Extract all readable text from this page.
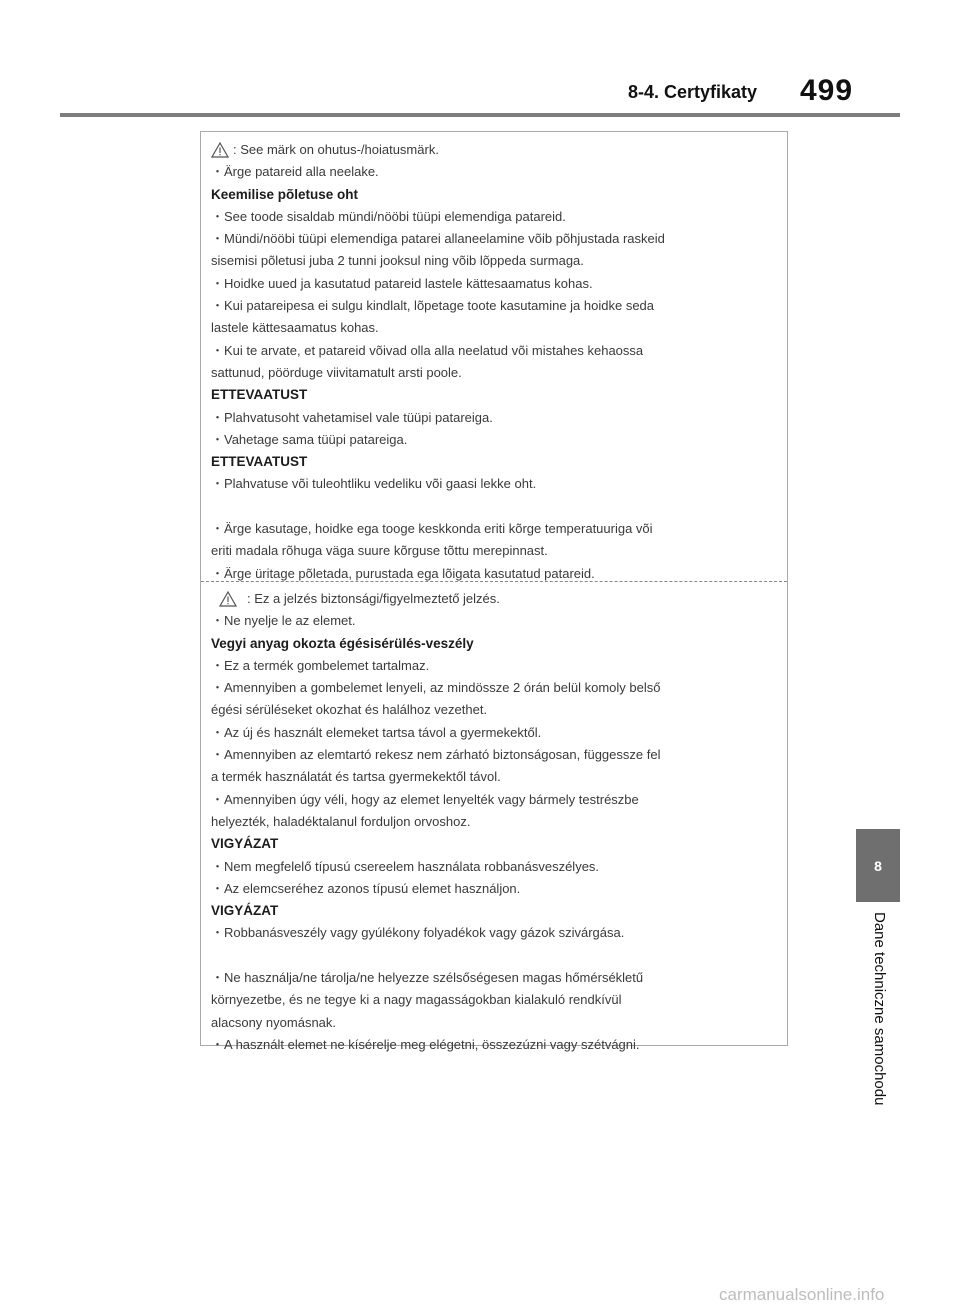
8-4. Certyfikaty 499
: See märk on ohutus-/hoiatusmärk.
・Ärge patareid alla neelake.
Keemilise põletuse oht
・See toode sisaldab mündi/nööbi tüüpi elemendiga patareid.
・Mündi/nööbi tüüpi elemendiga patarei allaneelamine võib põhjustada raskeid
sisemisi põletusi juba 2 tunni jooksul ning võib lõppeda surmaga.
・Hoidke uued ja kasutatud patareid lastele kättesaamatus kohas.
・Kui patareipesa ei sulgu kindlalt, lõpetage toote kasutamine ja hoidke seda
lastele kättesaamatus kohas.
・Kui te arvate, et patareid võivad olla alla neelatud või mistahes kehaossa
sattunud, pöörduge viivitamatult arsti poole.
ETTEVAATUST
・Plahvatusoht vahetamisel vale tüüpi patareiga.
・Vahetage sama tüüpi patareiga.
ETTEVAATUST
・Plahvatuse või tuleohtliku vedeliku või gaasi lekke oht.
・Ärge kasutage, hoidke ega tooge keskkonda eriti kõrge temperatuuriga või
eriti madala rõhuga väga suure kõrguse tõttu merepinnast.
・Ärge üritage põletada, purustada ega lõigata kasutatud patareid.
: Ez a jelzés biztonsági/figyelmeztető jelzés.
・Ne nyelje le az elemet.
Vegyi anyag okozta égésisérülés-veszély
・Ez a termék gombelemet tartalmaz.
・Amennyiben a gombelemet lenyeli, az mindössze 2 órán belül komoly belső
égési sérüléseket okozhat és halálhoz vezethet.
・Az új és használt elemeket tartsa távol a gyermekektől.
・Amennyiben az elemtartó rekesz nem zárható biztonságosan, függessze fel
a termék használatát és tartsa gyermekektől távol.
・Amennyiben úgy véli, hogy az elemet lenyelték vagy bármely testrészbe
helyezték, haladéktalanul forduljon orvoshoz.
VIGYÁZAT
・Nem megfelelő típusú csereelem használata robbanásveszélyes.
・Az elemcseréhez azonos típusú elemet használjon.
VIGYÁZAT
・Robbanásveszély vagy gyúlékony folyadékok vagy gázok szivárgása.
・Ne használja/ne tárolja/ne helyezze szélsőségesen magas hőmérsékletű
környezetbe, és ne tegye ki a nagy magasságokban kialakuló rendkívül
alacsony nyomásnak.
・A használt elemet ne kísérelje meg elégetni, összezúzni vagy szétvágni.
8
Dane techniczne samochodu
carmanualsonline.info
